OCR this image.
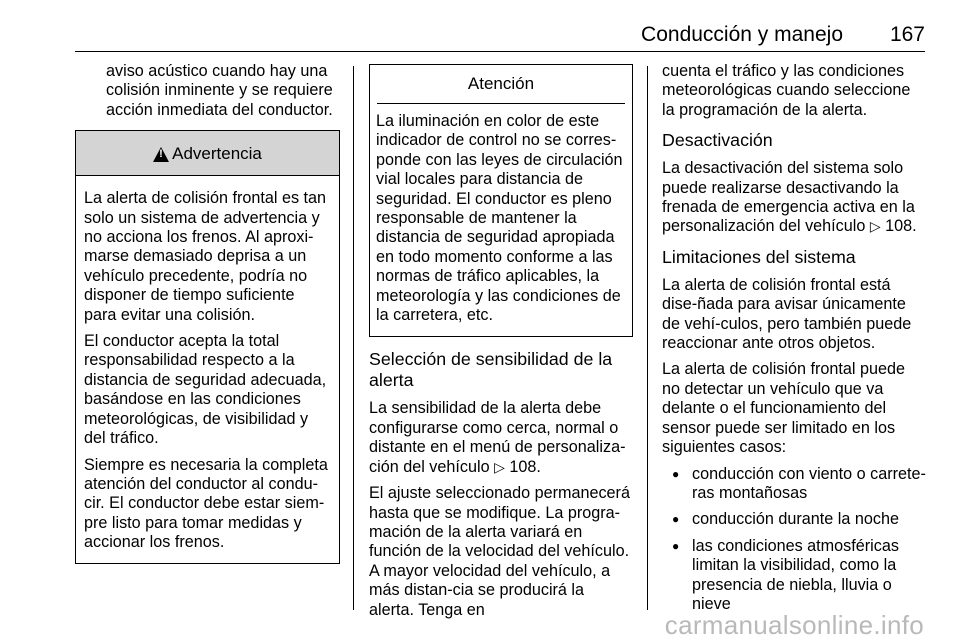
Conducción y manejo 167

aviso acústico cuando hay una colisión inminente y se requiere acción inmediata del conductor.

!
Advertencia

La alerta de colisión frontal es tan solo un sistema de advertencia y no acciona los frenos. Al aproxi-marse demasiado deprisa a un vehículo precedente, podría no disponer de tiempo suficiente para evitar una colisión.

El conductor acepta la total responsabilidad respecto a la distancia de seguridad adecuada, basándose en las condiciones meteorológicas, de visibilidad y del tráfico.

Siempre es necesaria la completa atención del conductor al condu-cir. El conductor debe estar siem-pre listo para tomar medidas y accionar los frenos.

Atención

La iluminación en color de este indicador de control no se corres-ponde con las leyes de circulación vial locales para distancia de seguridad. El conductor es pleno responsable de mantener la distancia de seguridad apropiada en todo momento conforme a las normas de tráfico aplicables, la meteorología y las condiciones de la carretera, etc.

Selección de sensibilidad de la alerta

La sensibilidad de la alerta debe configurarse como cerca, normal o distante en el menú de personaliza-ción del vehículo ▷ 108.

El ajuste seleccionado permanecerá hasta que se modifique. La progra-mación de la alerta variará en función de la velocidad del vehículo. A mayor velocidad del vehículo, a más distan-cia se producirá la alerta. Tenga en

cuenta el tráfico y las condiciones meteorológicas cuando seleccione la programación de la alerta.

Desactivación

La desactivación del sistema solo puede realizarse desactivando la frenada de emergencia activa en la personalización del vehículo ▷ 108.

Limitaciones del sistema

La alerta de colisión frontal está dise-ñada para avisar únicamente de vehí-culos, pero también puede reaccionar ante otros objetos.

La alerta de colisión frontal puede no detectar un vehículo que va delante o el funcionamiento del sensor puede ser limitado en los siguientes casos:

● conducción con viento o carrete-ras montañosas
● conducción durante la noche
● las condiciones atmosféricas limitan la visibilidad, como la presencia de niebla, lluvia o nieve
carmanualsonline.info
